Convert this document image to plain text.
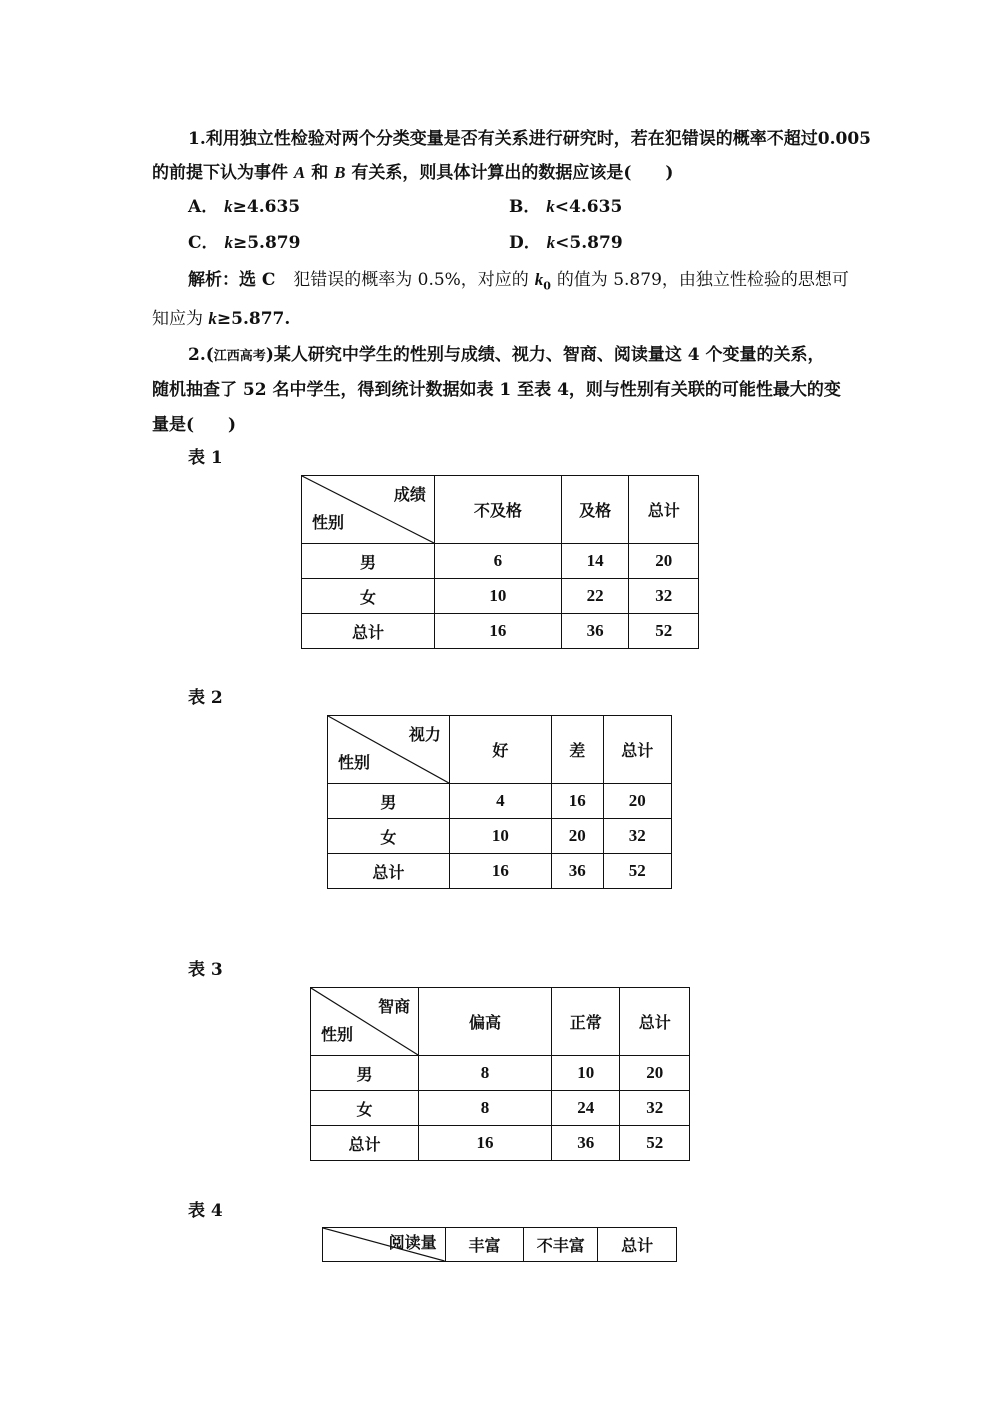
1.利用独立性检验对两个分类变量是否有关系进行研究时，若在犯错误的概率不超过0.005
的前提下认为事件 A 和 B 有关系，则具体计算出的数据应该是(　　)
A． k≥4.635	B． k<4.635
C． k≥5.879	D． k<5.879
解析：选 C 犯错误的概率为 0.5%，对应的 $k_0$ 的值为 5.879，由独立性检验的思想可
知应为 k≥5.877.
2.(江西高考)某人研究中学生的性别与成绩、视力、智商、阅读量这 4 个变量的关系，
随机抽查了 52 名中学生，得到统计数据如表 1 至表 4，则与性别有关联的可能性最大的变
量是(　　)
表 1
成绩
性别	不及格	及格	总计
男	6	14	20
女	10	22	32
总计	16	36	52
表 2
视力
性别	好	差	总计
男	4	16	20
女	10	20	32
总计	16	36	52
表 3
智商
性别	偏高	正常	总计
男	8	10	20
女	8	24	32
总计	16	36	52
表 4
阅读量	丰富	不丰富	总计
